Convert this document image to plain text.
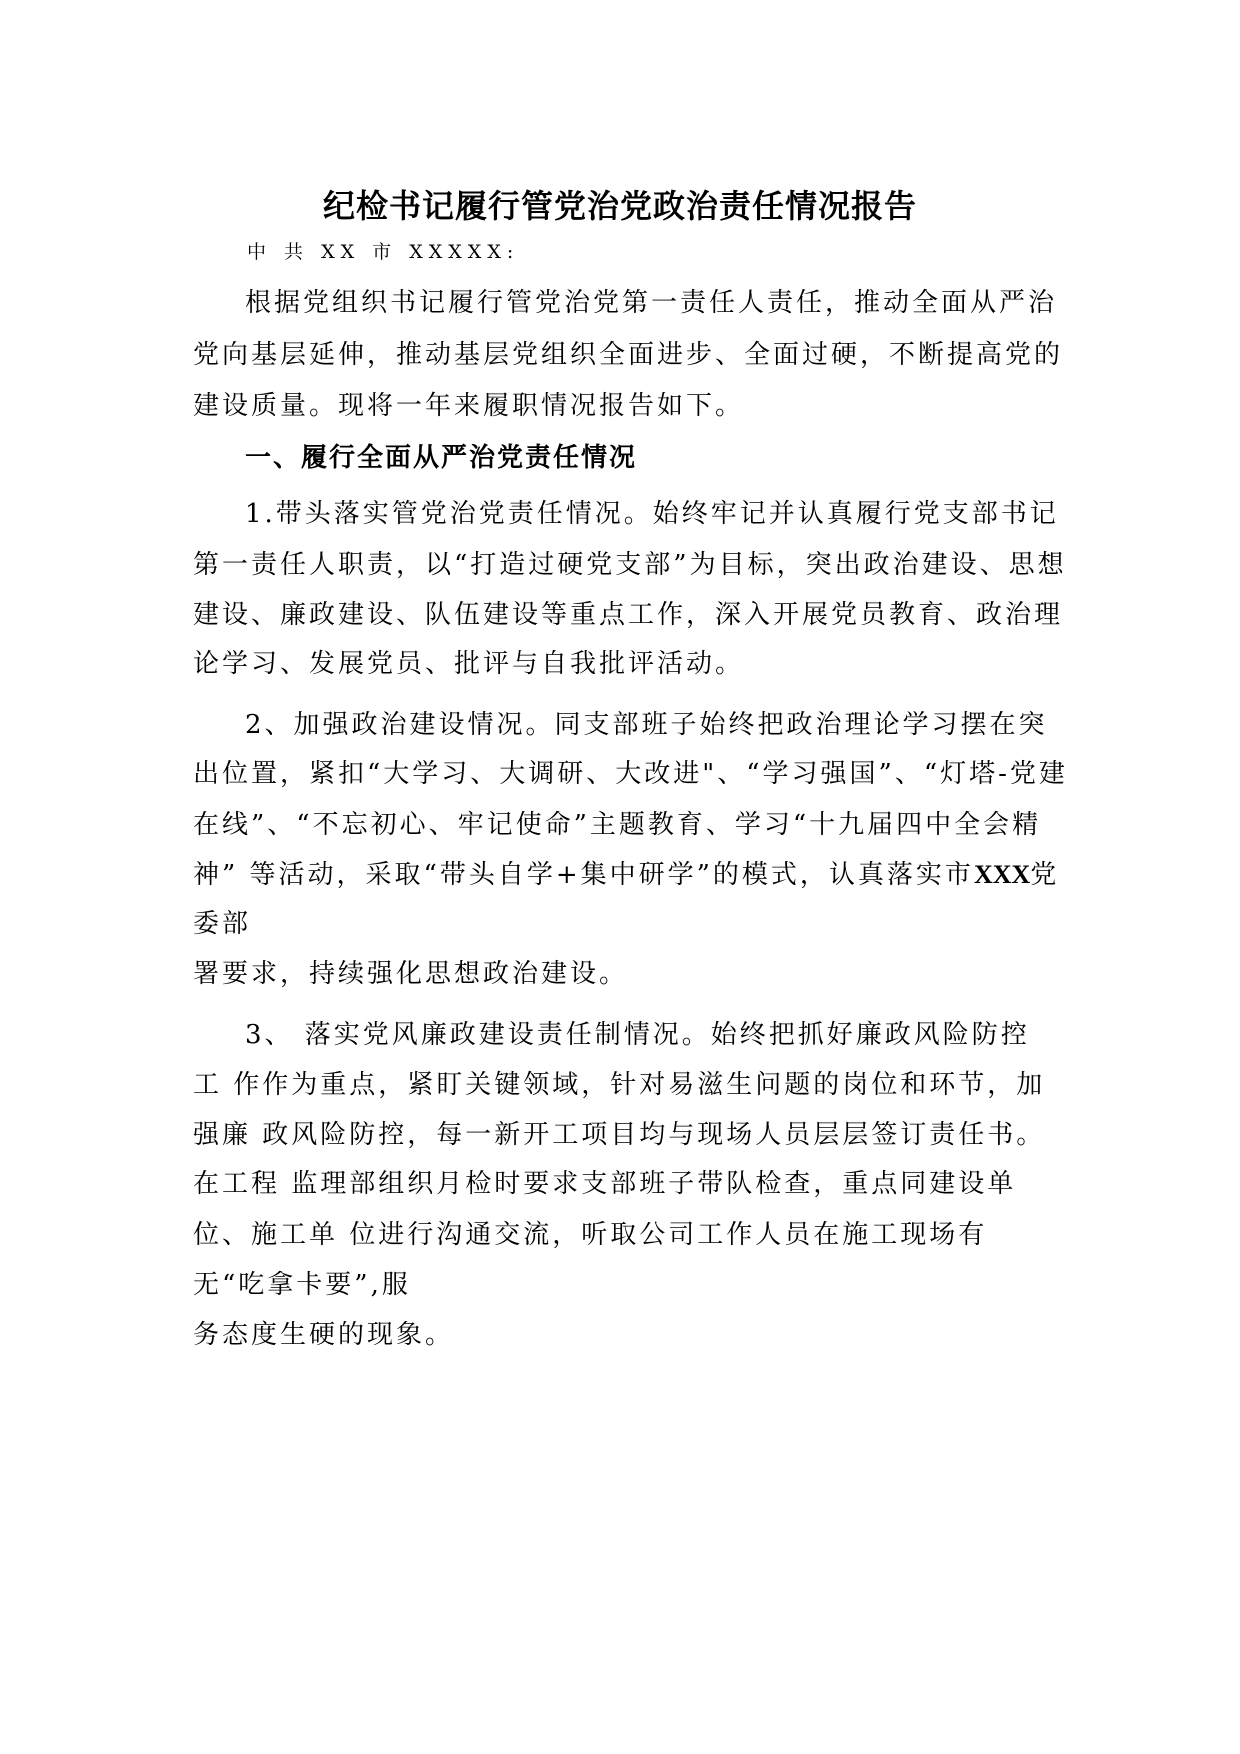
纪检书记履行管党治党政治责任情况报告
中 共 XX 市 XXXXX:
根据党组织书记履行管党治党第一责任人责任，推动全面从严治
党向基层延伸，推动基层党组织全面进步、全面过硬，不断提高党的
建设质量。现将一年来履职情况报告如下。
一、履行全面从严治党责任情况
1.带头落实管党治党责任情况。始终牢记并认真履行党支部书记
第一责任人职责，以“打造过硬党支部”为目标，突出政治建设、思想
建设、廉政建设、队伍建设等重点工作，深入开展党员教育、政治理
论学习、发展党员、批评与自我批评活动。
2、加强政治建设情况。同支部班子始终把政治理论学习摆在突
出位置，紧扣“大学习、大调研、大改进"、“学习强国”、“灯塔-党建
在线”、“不忘初心、牢记使命”主题教育、学习“十九届四中全会精
神” 等活动，采取“带头自学+集中研学”的模式，认真落实市XXX党
委部
署要求，持续强化思想政治建设。
3、 落实党风廉政建设责任制情况。始终把抓好廉政风险防控
工 作作为重点，紧盯关键领域，针对易滋生问题的岗位和环节，加
强廉 政风险防控，每一新开工项目均与现场人员层层签订责任书。
在工程 监理部组织月检时要求支部班子带队检查，重点同建设单
位、施工单 位进行沟通交流，听取公司工作人员在施工现场有
无“吃拿卡要”,服
务态度生硬的现象。
